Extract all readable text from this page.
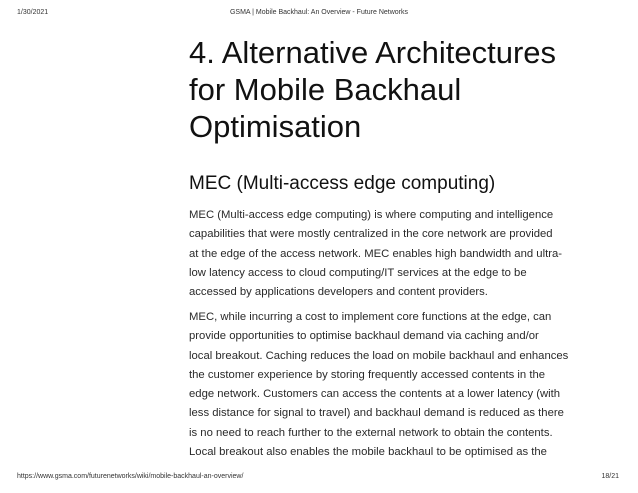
1/30/2021	GSMA | Mobile Backhaul: An Overview - Future Networks
4. Alternative Architectures
for Mobile Backhaul
Optimisation
MEC (Multi-access edge computing)

MEC (Multi-access edge computing) is where computing and intelligence
capabilities that were mostly centralized in the core network are provided
at the edge of the access network. MEC enables high bandwidth and ultra-
low latency access to cloud computing/IT services at the edge to be
accessed by applications developers and content providers.

MEC, while incurring a cost to implement core functions at the edge, can
provide opportunities to optimise backhaul demand via caching and/or
local breakout. Caching reduces the load on mobile backhaul and enhances
the customer experience by storing frequently accessed contents in the
edge network. Customers can access the contents at a lower latency (with
less distance for signal to travel) and backhaul demand is reduced as there
is no need to reach further to the external network to obtain the contents.
Local breakout also enables the mobile backhaul to be optimised as the

https://www.gsma.com/futurenetworks/wiki/mobile-backhaul-an-overview/	18/21
